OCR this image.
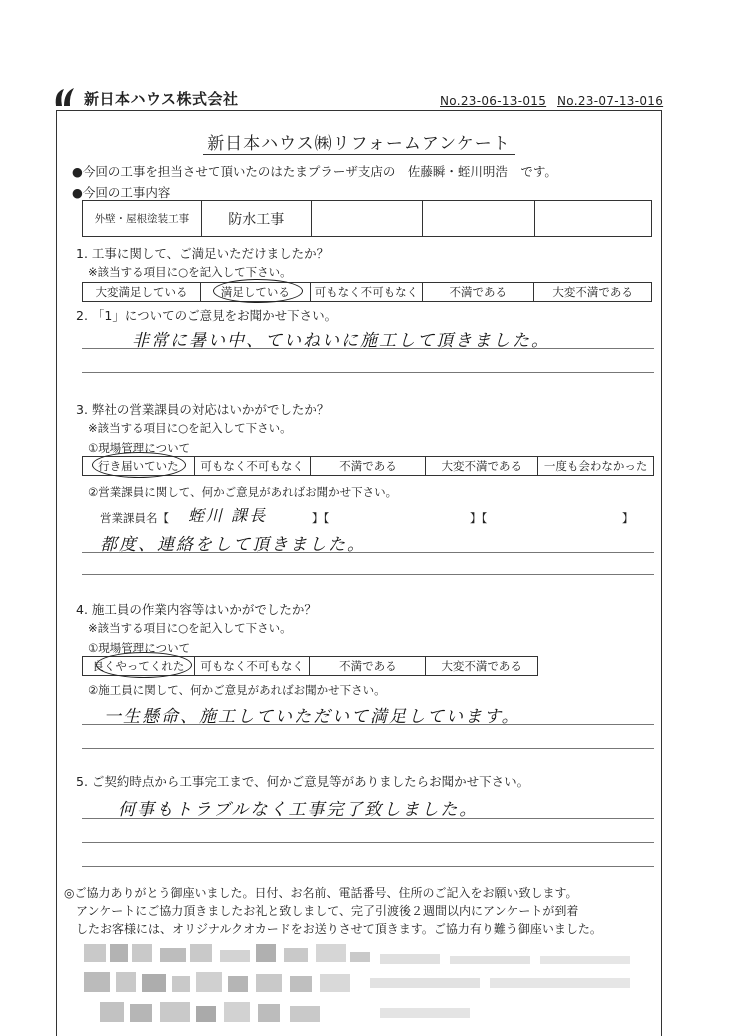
新日本ハウス株式会社	No.23-06-13-015 No.23-07-13-016
新日本ハウス㈱リフォームアンケート
●今回の工事を担当させて頂いたのはたまプラーザ支店の　佐藤瞬・蛭川明浩　です。
●今回の工事内容
外壁・屋根塗装工事	防水工事			
1. 工事に関して、ご満足いただけましたか？
※該当する項目に○を記入して下さい。
大変満足している	満足している	可もなく不可もなく	不満である	大変不満である
2. 「1」についてのご意見をお聞かせ下さい。
非常に暑い中、ていねいに施工して頂きました。
3. 弊社の営業課員の対応はいかがでしたか？
※該当する項目に○を記入して下さい。
①現場管理について
行き届いていた	可もなく不可もなく	不満である	大変不満である	一度も会わなかった
②営業課員に関して、何かご意見があればお聞かせ下さい。
営業課員名【 蛭川 課長	】【	】【	】
都度、連絡をして頂きました。
4. 施工員の作業内容等はいかがでしたか？
※該当する項目に○を記入して下さい。
①現場管理について
良くやってくれた	可もなく不可もなく	不満である	大変不満である
②施工員に関して、何かご意見があればお聞かせ下さい。
一生懸命、施工していただいて満足しています。
5. ご契約時点から工事完工まで、何かご意見等がありましたらお聞かせ下さい。
何事もトラブルなく工事完了致しました。
◎ご協力ありがとう御座いました。日付、お名前、電話番号、住所のご記入をお願い致します。
アンケートにご協力頂きましたお礼と致しまして、完了引渡後２週間以内にアンケートが到着
したお客様には、オリジナルクオカードをお送りさせて頂きます。ご協力有り難う御座いました。
